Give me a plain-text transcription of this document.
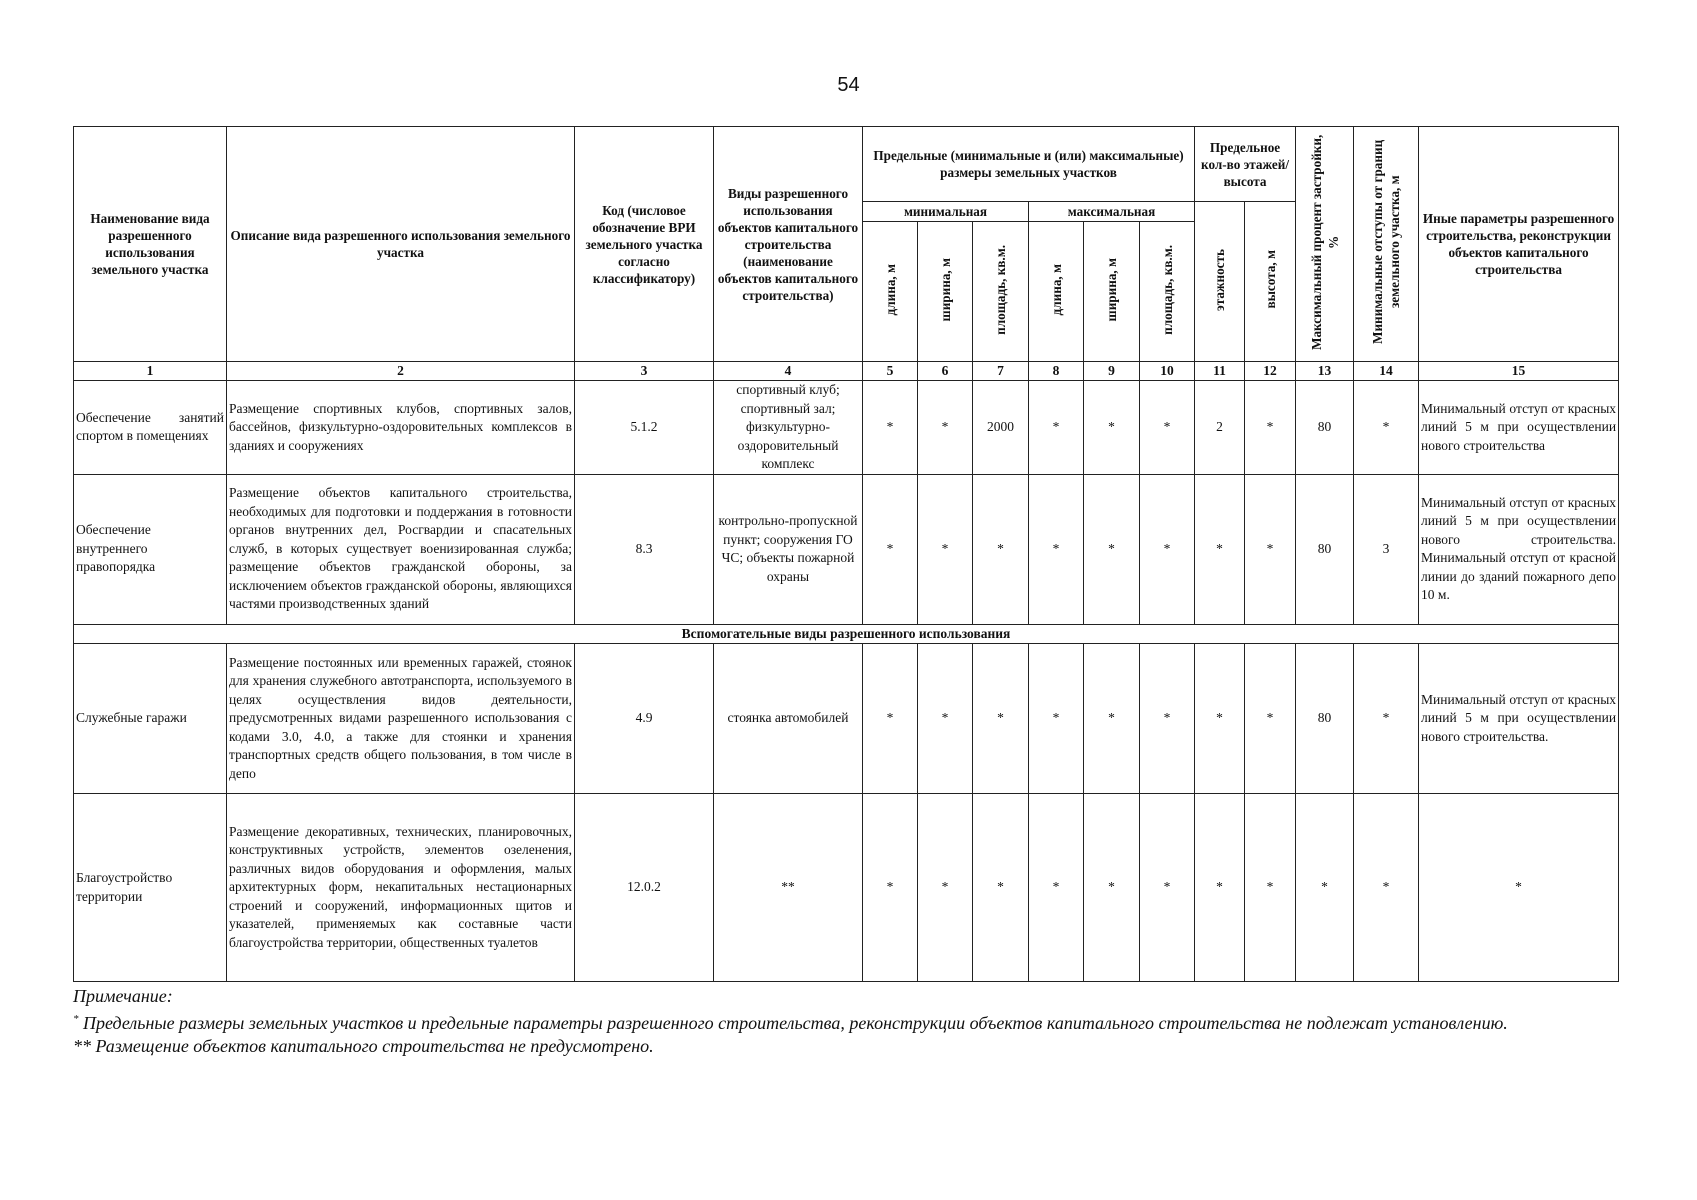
54
Наименование вида разрешенного использования земельного участка	Описание вида разрешенного использования земельного участка	Код (числовое обозначение ВРИ земельного участка согласно классификатору)	Виды разрешенного использования объектов капитального строительства (наименование объектов капитального строительства)	Предельные (минимальные и (или) максимальные) размеры земельных участков						Предельное кол-во этажей/ высота		Максимальный процент застройки, %	Минимальные отступы от границ земельного участка, м	Иные параметры разрешенного строительства, реконструкции объектов капитального строительства
				минимальная			максимальная			этажность	высота, м			
				длина, м	ширина, м	площадь, кв.м.	длина, м	ширина, м	площадь, кв.м.					
1	2	3	4	5	6	7	8	9	10	11	12	13	14	15
Обеспечение занятий спортом в помещениях	Размещение спортивных клубов, спортивных залов, бассейнов, физкультурно-оздоровительных комплексов в зданиях и сооружениях	5.1.2	спортивный клуб; спортивный зал; физкультурно-оздоровительный комплекс	*	*	2000	*	*	*	2	*	80	*	Минимальный отступ от красных линий 5 м при осуществлении нового строительства
Обеспечение внутреннего правопорядка	Размещение объектов капитального строительства, необходимых для подготовки и поддержания в готовности органов внутренних дел, Росгвардии и спасательных служб, в которых существует военизированная служба; размещение объектов гражданской обороны, за исключением объектов гражданской обороны, являющихся частями производственных зданий	8.3	контрольно-пропускной пункт; сооружения ГО ЧС; объекты пожарной охраны	*	*	*	*	*	*	*	*	80	3	Минимальный отступ от красных линий 5 м при осуществлении нового строительства. Минимальный отступ от красной линии до зданий пожарного депо 10 м.
Вспомогательные виды разрешенного использования														
Служебные гаражи	Размещение постоянных или временных гаражей, стоянок для хранения служебного автотранспорта, используемого в целях осуществления видов деятельности, предусмотренных видами разрешенного использования с кодами 3.0, 4.0, а также для стоянки и хранения транспортных средств общего пользования, в том числе в депо	4.9	стоянка автомобилей	*	*	*	*	*	*	*	*	80	*	Минимальный отступ от красных линий 5 м при осуществлении нового строительства.
Благоустройство территории	Размещение декоративных, технических, планировочных, конструктивных устройств, элементов озеленения, различных видов оборудования и оформления, малых архитектурных форм, некапитальных нестационарных строений и сооружений, информационных щитов и указателей, применяемых как составные части благоустройства территории, общественных туалетов	12.0.2	**	*	*	*	*	*	*	*	*	*	*	*

Примечание:

* Предельные размеры земельных участков и предельные параметры разрешенного строительства, реконструкции объектов капитального строительства не подлежат установлению.

** Размещение объектов капитального строительства не предусмотрено.
